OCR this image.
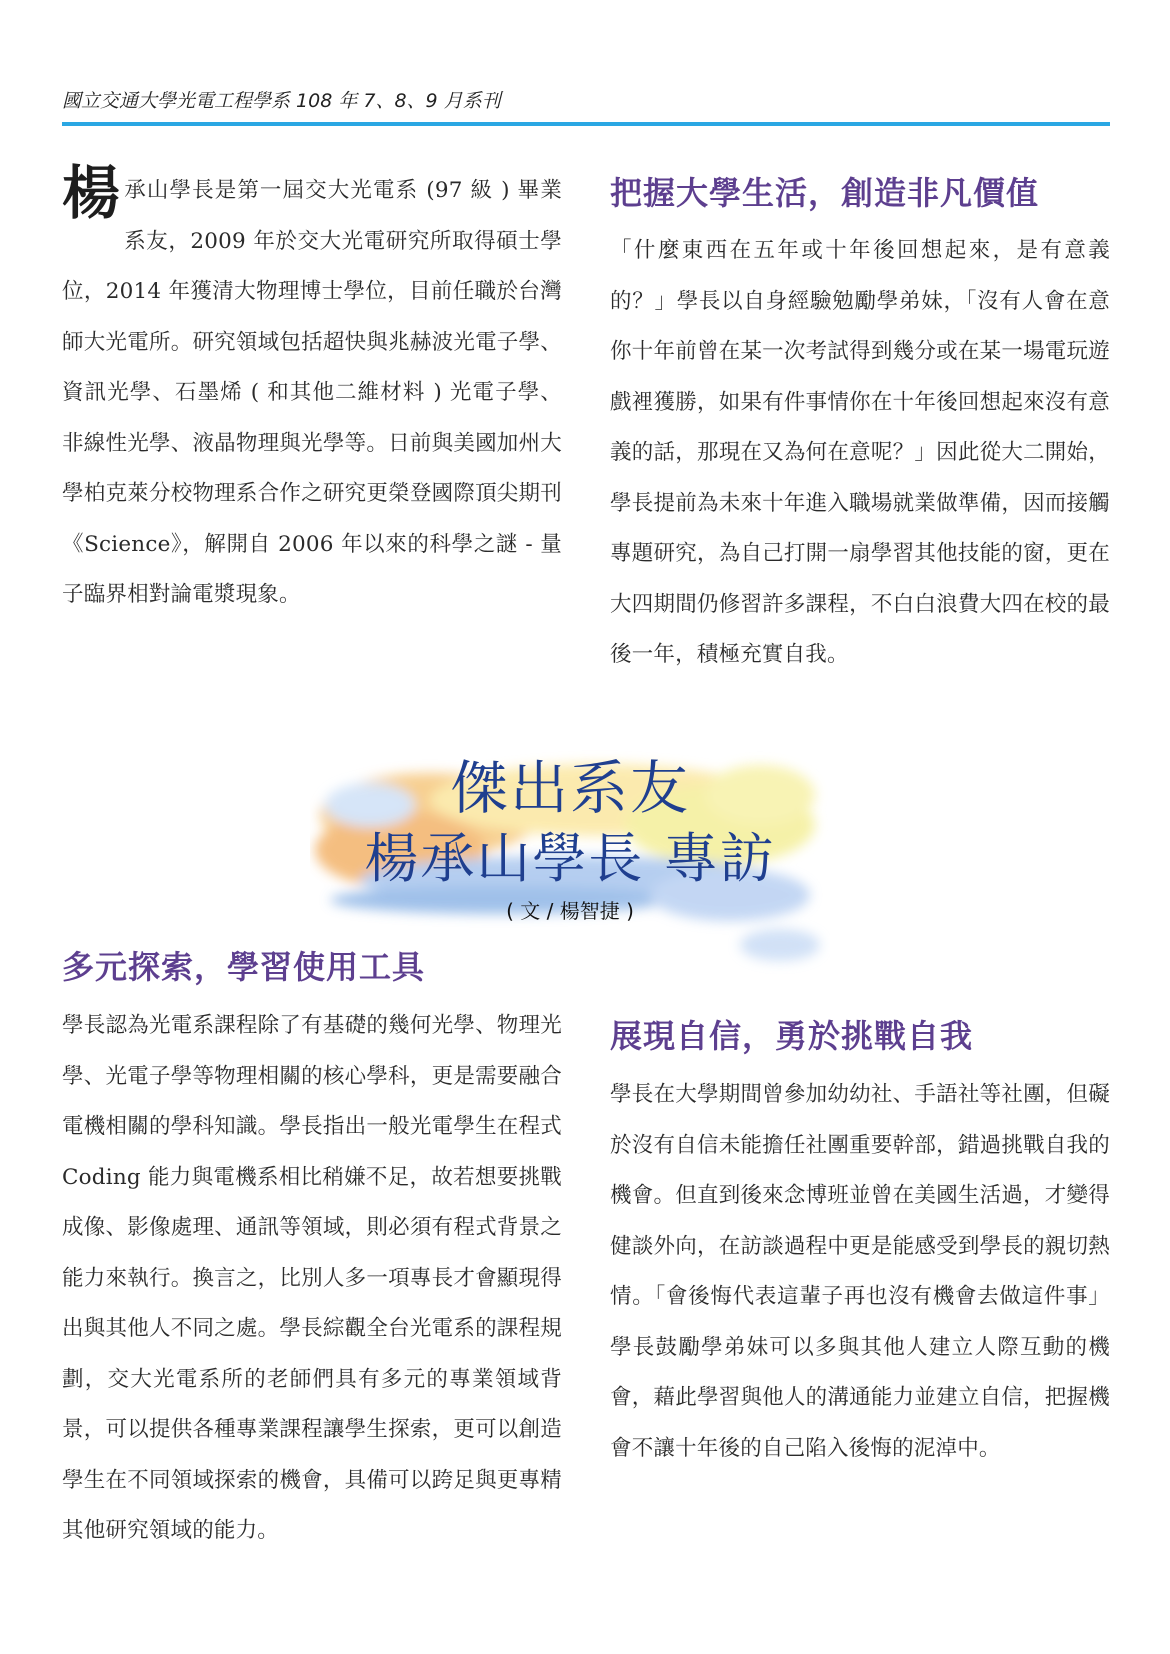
國立交通大學光電工程學系 108 年 7、8、9 月系刊

楊承山學長是第一屆交大光電系 (97 級 ) 畢業系友，2009 年於交大光電研究所取得碩士學位，2014 年獲清大物理博士學位，目前任職於台灣師大光電所。研究領域包括超快與兆赫波光電子學、資訊光學、石墨烯 ( 和其他二維材料 ) 光電子學、非線性光學、液晶物理與光學等。日前與美國加州大學柏克萊分校物理系合作之研究更榮登國際頂尖期刊《Science》，解開自 2006 年以來的科學之謎 - 量子臨界相對論電漿現象。

把握大學生活，創造非凡價值

「什麼東西在五年或十年後回想起來，是有意義的？」學長以自身經驗勉勵學弟妹，「沒有人會在意你十年前曾在某一次考試得到幾分或在某一場電玩遊戲裡獲勝，如果有件事情你在十年後回想起來沒有意義的話，那現在又為何在意呢？」因此從大二開始，學長提前為未來十年進入職場就業做準備，因而接觸專題研究，為自己打開一扇學習其他技能的窗，更在大四期間仍修習許多課程，不白白浪費大四在校的最後一年，積極充實自我。

傑出系友
楊承山學長 專訪
( 文 / 楊智捷 )
多元探索，學習使用工具

學長認為光電系課程除了有基礎的幾何光學、物理光學、光電子學等物理相關的核心學科，更是需要融合電機相關的學科知識。學長指出一般光電學生在程式 Coding 能力與電機系相比稍嫌不足，故若想要挑戰成像、影像處理、通訊等領域，則必須有程式背景之能力來執行。換言之，比別人多一項專長才會顯現得出與其他人不同之處。學長綜觀全台光電系的課程規劃，交大光電系所的老師們具有多元的專業領域背景，可以提供各種專業課程讓學生探索，更可以創造學生在不同領域探索的機會，具備可以跨足與更專精其他研究領域的能力。

展現自信，勇於挑戰自我

學長在大學期間曾參加幼幼社、手語社等社團，但礙於沒有自信未能擔任社團重要幹部，錯過挑戰自我的機會。但直到後來念博班並曾在美國生活過，才變得健談外向，在訪談過程中更是能感受到學長的親切熱情。「會後悔代表這輩子再也沒有機會去做這件事」學長鼓勵學弟妹可以多與其他人建立人際互動的機會，藉此學習與他人的溝通能力並建立自信，把握機會不讓十年後的自己陷入後悔的泥淖中。
